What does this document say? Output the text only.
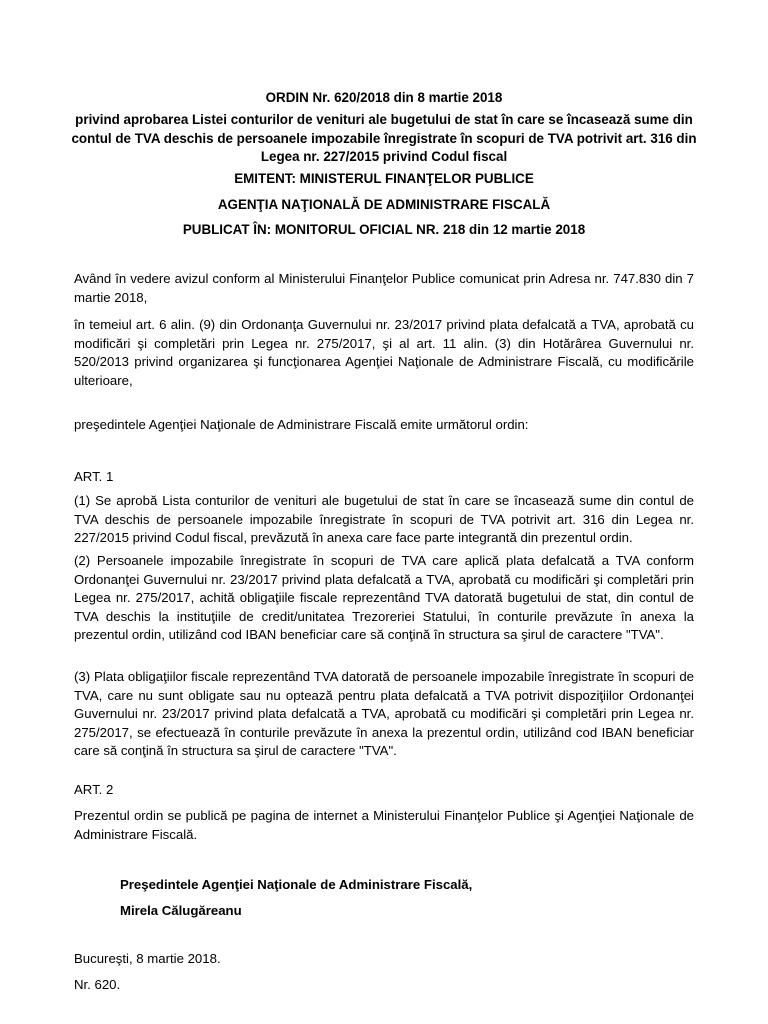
ORDIN Nr. 620/2018 din 8 martie 2018
privind aprobarea Listei conturilor de venituri ale bugetului de stat în care se încasează sume din contul de TVA deschis de persoanele impozabile înregistrate în scopuri de TVA potrivit art. 316 din Legea nr. 227/2015 privind Codul fiscal
EMITENT: MINISTERUL FINANŢELOR PUBLICE
AGENŢIA NAŢIONALĂ DE ADMINISTRARE FISCALĂ
PUBLICAT ÎN: MONITORUL OFICIAL NR. 218 din 12 martie 2018
Având în vedere avizul conform al Ministerului Finanţelor Publice comunicat prin Adresa nr. 747.830 din 7 martie 2018,
în temeiul art. 6 alin. (9) din Ordonanţa Guvernului nr. 23/2017 privind plata defalcată a TVA, aprobată cu modificări şi completări prin Legea nr. 275/2017, şi al art. 11 alin. (3) din Hotărârea Guvernului nr. 520/2013 privind organizarea şi funcţionarea Agenţiei Naţionale de Administrare Fiscală, cu modificările ulterioare,
preşedintele Agenţiei Naţionale de Administrare Fiscală emite următorul ordin:
ART. 1
(1) Se aprobă Lista conturilor de venituri ale bugetului de stat în care se încasează sume din contul de TVA deschis de persoanele impozabile înregistrate în scopuri de TVA potrivit art. 316 din Legea nr. 227/2015 privind Codul fiscal, prevăzută în anexa care face parte integrantă din prezentul ordin.
(2) Persoanele impozabile înregistrate în scopuri de TVA care aplică plata defalcată a TVA conform Ordonanţei Guvernului nr. 23/2017 privind plata defalcată a TVA, aprobată cu modificări şi completări prin Legea nr. 275/2017, achită obligaţiile fiscale reprezentând TVA datorată bugetului de stat, din contul de TVA deschis la instituţiile de credit/unitatea Trezoreriei Statului, în conturile prevăzute în anexa la prezentul ordin, utilizând cod IBAN beneficiar care să conţină în structura sa şirul de caractere "TVA".
(3) Plata obligaţiilor fiscale reprezentând TVA datorată de persoanele impozabile înregistrate în scopuri de TVA, care nu sunt obligate sau nu optează pentru plata defalcată a TVA potrivit dispoziţiilor Ordonanţei Guvernului nr. 23/2017 privind plata defalcată a TVA, aprobată cu modificări şi completări prin Legea nr. 275/2017, se efectuează în conturile prevăzute în anexa la prezentul ordin, utilizând cod IBAN beneficiar care să conţină în structura sa şirul de caractere "TVA".
ART. 2
Prezentul ordin se publică pe pagina de internet a Ministerului Finanţelor Publice şi Agenţiei Naţionale de Administrare Fiscală.
Preşedintele Agenţiei Naţionale de Administrare Fiscală,
Mirela Călugăreanu
Bucureşti, 8 martie 2018.
Nr. 620.
